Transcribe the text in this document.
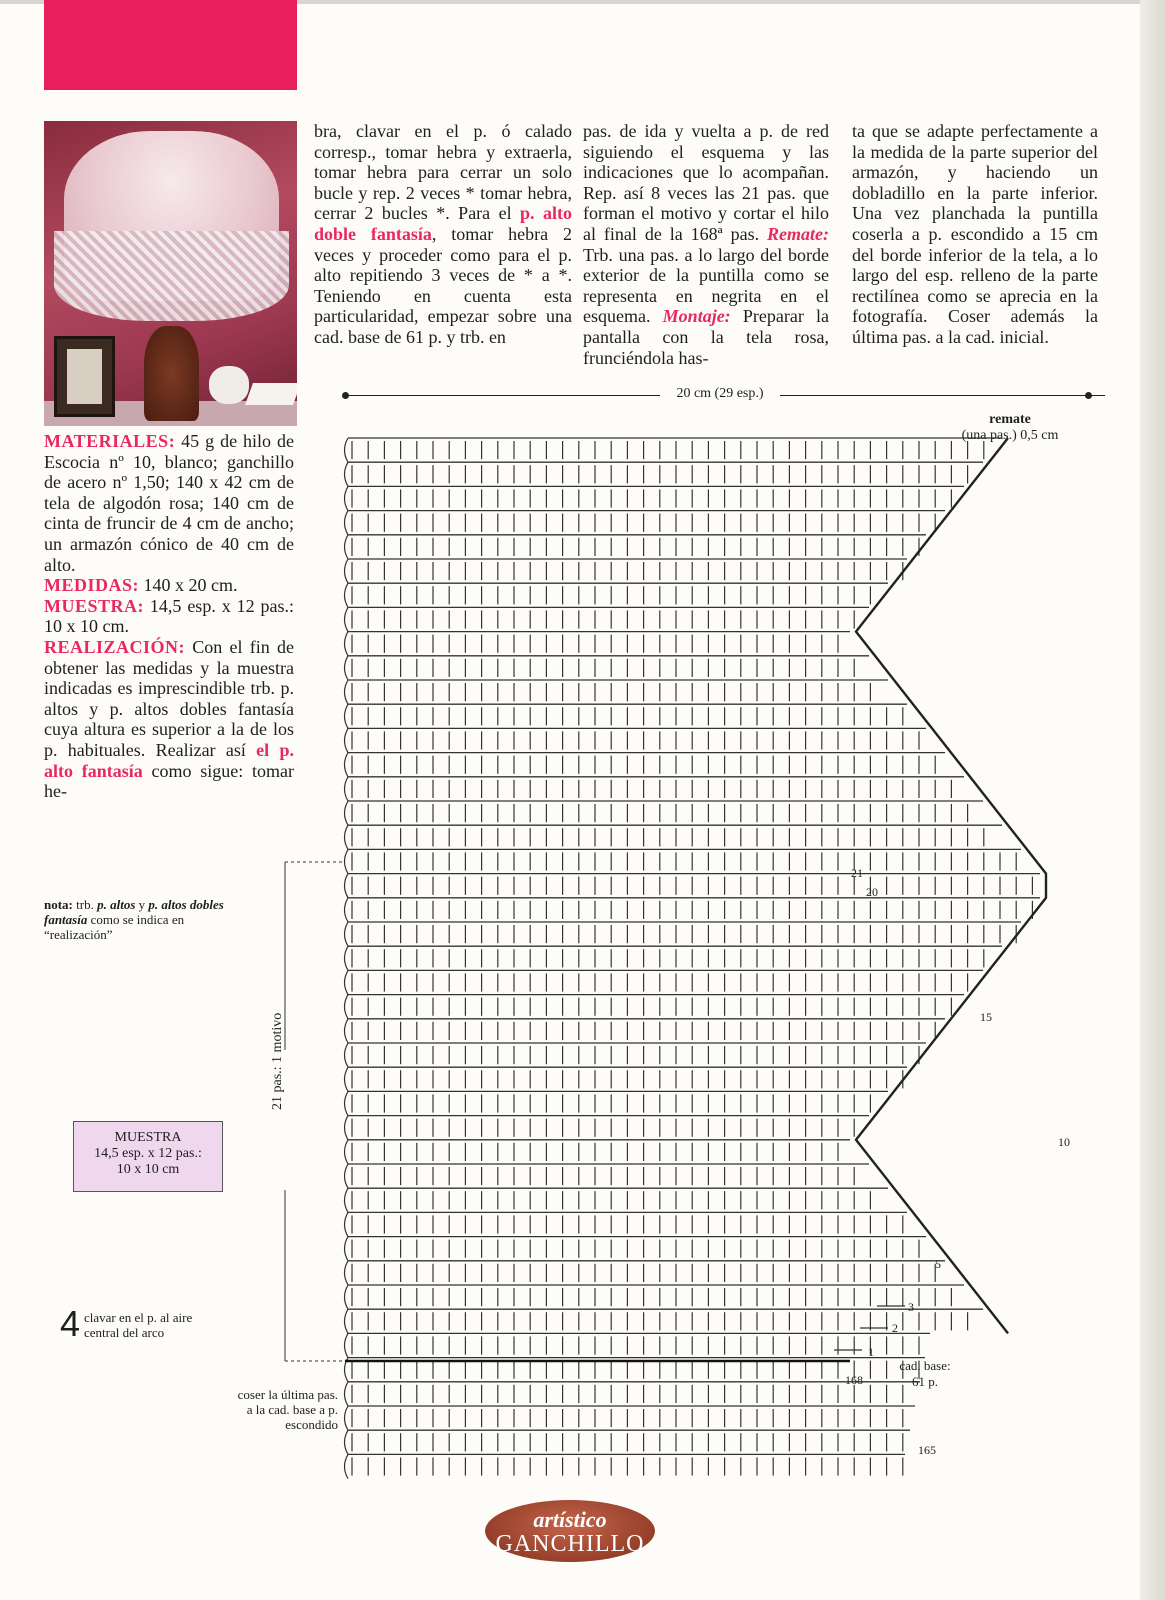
bra, clavar en el p. ó calado corresp., tomar hebra y extraerla, tomar hebra para cerrar un solo bucle y rep. 2 veces * tomar hebra, cerrar 2 bucles *. Para el p. alto doble fantasía, tomar hebra 2 veces y proceder como para el p. alto repitiendo 3 veces de * a *. Teniendo en cuenta esta particularidad, empezar sobre una cad. base de 61 p. y trb. en

pas. de ida y vuelta a p. de red siguiendo el esquema y las indicaciones que lo acompañan. Rep. así 8 veces las 21 pas. que forman el motivo y cortar el hilo al final de la 168ª pas. Remate: Trb. una pas. a lo largo del borde exterior de la puntilla como se representa en negrita en el esquema. Montaje: Preparar la pantalla con la tela rosa, frunciéndola has-

ta que se adapte perfectamente a la medida de la parte superior del armazón, y haciendo un dobladillo en la parte inferior. Una vez planchada la puntilla coserla a p. escondido a 15 cm del borde inferior de la tela, a lo largo del esp. relleno de la parte rectilínea como se aprecia en la fotografía. Coser además la última pas. a la cad. inicial.

MATERIALES: 45 g de hilo de Escocia nº 10, blanco; ganchillo de acero nº 1,50; 140 x 42 cm de tela de algodón rosa; 140 cm de cinta de fruncir de 4 cm de ancho; un armazón cónico de 40 cm de alto.
MEDIDAS: 140 x 20 cm.
MUESTRA: 14,5 esp. x 12 pas.: 10 x 10 cm.
REALIZACIÓN: Con el fin de obtener las medidas y la muestra indicadas es imprescindible trb. p. altos y p. altos dobles fantasía cuya altura es superior a la de los p. habituales. Realizar así el p. alto fantasía como sigue: tomar he-
20 cm (29 esp.)
remate
(una pas.) 0,5 cm
21 pas.: 1 motivo
nota: trb. p. altos y p. altos dobles fantasía como se indica en “realización”
MUESTRA
14,5 esp. x 12 pas.:
10 x 10 cm
4 clavar en el p. al aire central del arco
coser la última pas. a la cad. base a p. escondido
21
20
15
10
5
3
2
1
168
165
cad. base:
61 p.
artístico
GANCHILLO
